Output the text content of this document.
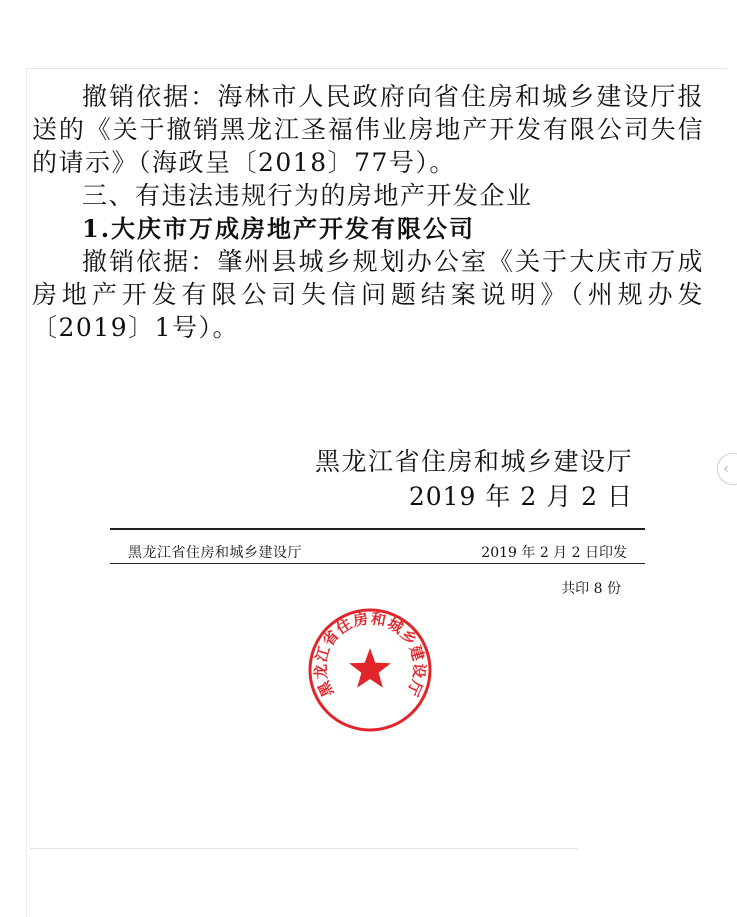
撤销依据：海林市人民政府向省住房和城乡建设厅报送的《关于撤销黑龙江圣福伟业房地产开发有限公司失信的请示》（海政呈〔2018〕77号）。

三、有违法违规行为的房地产开发企业

1.大庆市万成房地产开发有限公司

撤销依据：肇州县城乡规划办公室《关于大庆市万成房地产开发有限公司失信问题结案说明》（州规办发〔2019〕1号）。

黑龙江省住房和城乡建设厅
2019 年 2 月 2 日
黑龙江省住房和城乡建设厅	2019 年 2 月 2 日印发
共印 8 份
黑龙江省住房和城乡建设厅
‹
